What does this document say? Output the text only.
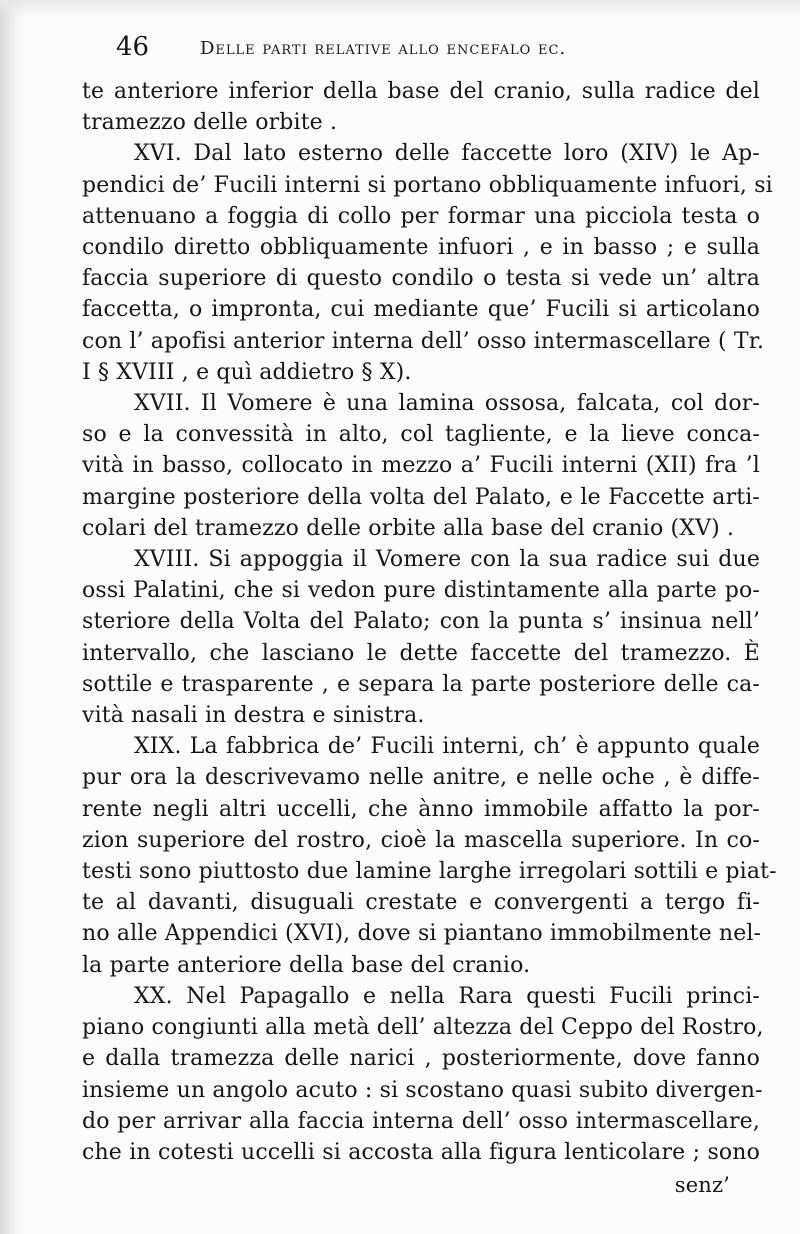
46	Delle parti relative allo encefalo ec.
te anteriore inferior della base del cranio, sulla radice del
tramezzo delle orbite .
XVI. Dal lato esterno delle faccette loro (XIV) le Ap-
pendici de’ Fucili interni si portano obbliquamente infuori, si
attenuano a foggia di collo per formar una picciola testa o
condilo diretto obbliquamente infuori , e in basso ; e sulla
faccia superiore di questo condilo o testa si vede un’ altra
faccetta, o impronta, cui mediante que’ Fucili si articolano
con l’ apofisi anterior interna dell’ osso intermascellare ( Tr.
I § XVIII , e quì addietro § X).
XVII. Il Vomere è una lamina ossosa, falcata, col dor-
so e la convessità in alto, col tagliente, e la lieve conca-
vità in basso, collocato in mezzo a’ Fucili interni (XII) fra ’l
margine posteriore della volta del Palato, e le Faccette arti-
colari del tramezzo delle orbite alla base del cranio (XV) .
XVIII. Si appoggia il Vomere con la sua radice sui due
ossi Palatini, che si vedon pure distintamente alla parte po-
steriore della Volta del Palato; con la punta s’ insinua nell’
intervallo, che lasciano le dette faccette del tramezzo. È
sottile e trasparente , e separa la parte posteriore delle ca-
vità nasali in destra e sinistra.
XIX. La fabbrica de’ Fucili interni, ch’ è appunto quale
pur ora la descrivevamo nelle anitre, e nelle oche , è diffe-
rente negli altri uccelli, che ànno immobile affatto la por-
zion superiore del rostro, cioè la mascella superiore. In co-
testi sono piuttosto due lamine larghe irregolari sottili e piat-
te al davanti, disuguali crestate e convergenti a tergo fi-
no alle Appendici (XVI), dove si piantano immobilmente nel-
la parte anteriore della base del cranio.
XX. Nel Papagallo e nella Rara questi Fucili princi-
piano congiunti alla metà dell’ altezza del Ceppo del Rostro,
e dalla tramezza delle narici , posteriormente, dove fanno
insieme un angolo acuto : si scostano quasi subito divergen-
do per arrivar alla faccia interna dell’ osso intermascellare,
che in cotesti uccelli si accosta alla figura lenticolare ; sono
senz’
